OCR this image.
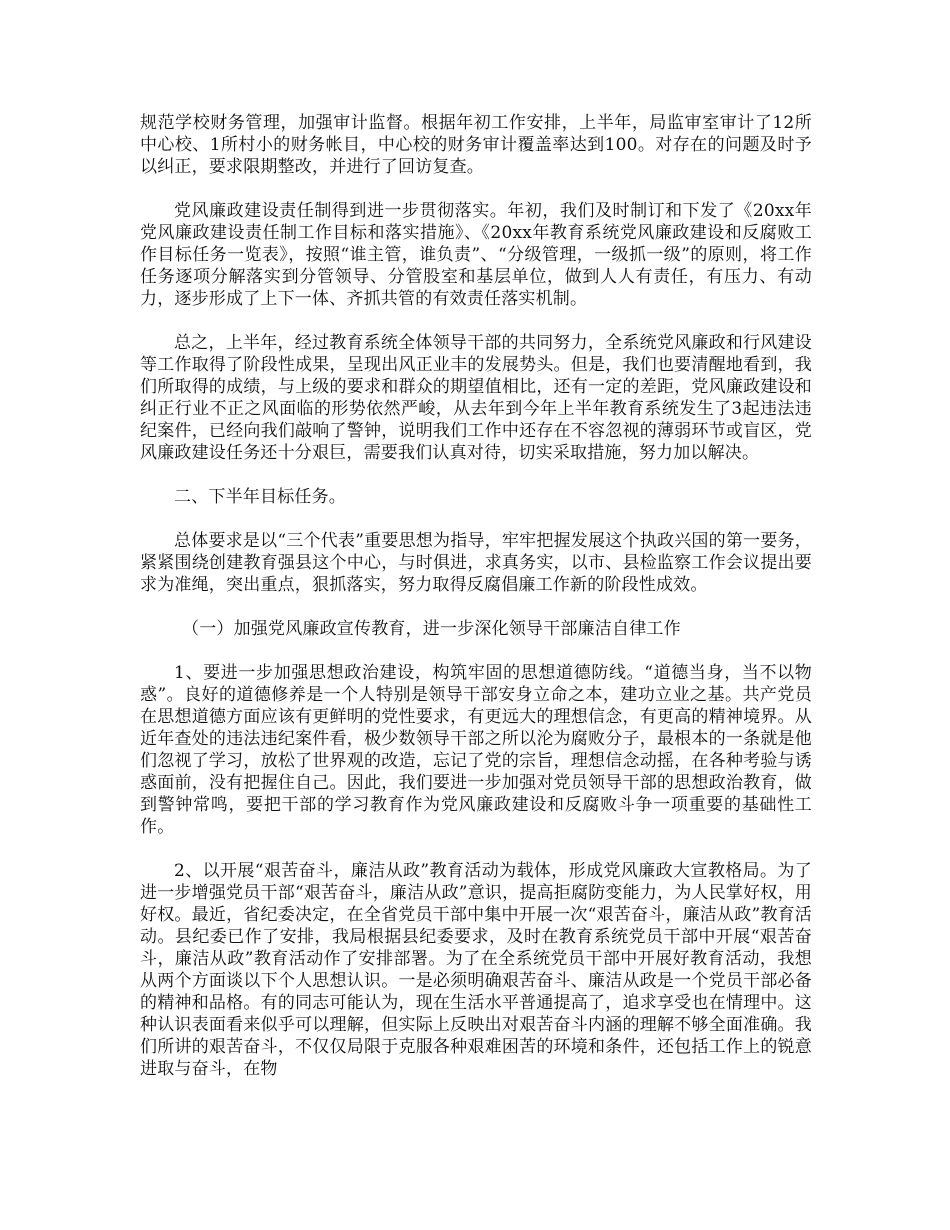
规范学校财务管理，加强审计监督。根据年初工作安排，上半年，局监审室审计了12所中心校、1所村小的财务帐目，中心校的财务审计覆盖率达到100。对存在的问题及时予以纠正，要求限期整改，并进行了回访复查。

党风廉政建设责任制得到进一步贯彻落实。年初，我们及时制订和下发了《20xx年党风廉政建设责任制工作目标和落实措施》、《20xx年教育系统党风廉政建设和反腐败工作目标任务一览表》，按照“谁主管，谁负责”、“分级管理，一级抓一级”的原则，将工作任务逐项分解落实到分管领导、分管股室和基层单位，做到人人有责任，有压力、有动力，逐步形成了上下一体、齐抓共管的有效责任落实机制。

总之，上半年，经过教育系统全体领导干部的共同努力，全系统党风廉政和行风建设等工作取得了阶段性成果，呈现出风正业丰的发展势头。但是，我们也要清醒地看到，我们所取得的成绩，与上级的要求和群众的期望值相比，还有一定的差距，党风廉政建设和纠正行业不正之风面临的形势依然严峻，从去年到今年上半年教育系统发生了3起违法违纪案件，已经向我们敲响了警钟，说明我们工作中还存在不容忽视的薄弱环节或盲区，党风廉政建设任务还十分艰巨，需要我们认真对待，切实采取措施，努力加以解决。

二、下半年目标任务。

总体要求是以“三个代表”重要思想为指导，牢牢把握发展这个执政兴国的第一要务，紧紧围绕创建教育强县这个中心，与时俱进，求真务实，以市、县检监察工作会议提出要求为准绳，突出重点，狠抓落实，努力取得反腐倡廉工作新的阶段性成效。

（一）加强党风廉政宣传教育，进一步深化领导干部廉洁自律工作

1、要进一步加强思想政治建设，构筑牢固的思想道德防线。“道德当身，当不以物惑”。良好的道德修养是一个人特别是领导干部安身立命之本，建功立业之基。共产党员在思想道德方面应该有更鲜明的党性要求，有更远大的理想信念，有更高的精神境界。从近年查处的违法违纪案件看，极少数领导干部之所以沦为腐败分子，最根本的一条就是他们忽视了学习，放松了世界观的改造，忘记了党的宗旨，理想信念动摇，在各种考验与诱惑面前，没有把握住自己。因此，我们要进一步加强对党员领导干部的思想政治教育，做到警钟常鸣，要把干部的学习教育作为党风廉政建设和反腐败斗争一项重要的基础性工作。

2、以开展“艰苦奋斗，廉洁从政”教育活动为载体，形成党风廉政大宣教格局。为了进一步增强党员干部“艰苦奋斗，廉洁从政”意识，提高拒腐防变能力，为人民掌好权，用好权。最近，省纪委决定，在全省党员干部中集中开展一次“艰苦奋斗，廉洁从政”教育活动。县纪委已作了安排，我局根据县纪委要求，及时在教育系统党员干部中开展“艰苦奋斗，廉洁从政”教育活动作了安排部署。为了在全系统党员干部中开展好教育活动，我想从两个方面谈以下个人思想认识。一是必须明确艰苦奋斗、廉洁从政是一个党员干部必备的精神和品格。有的同志可能认为，现在生活水平普通提高了，追求享受也在情理中。这种认识表面看来似乎可以理解，但实际上反映出对艰苦奋斗内涵的理解不够全面准确。我们所讲的艰苦奋斗，不仅仅局限于克服各种艰难困苦的环境和条件，还包括工作上的锐意进取与奋斗，在物
